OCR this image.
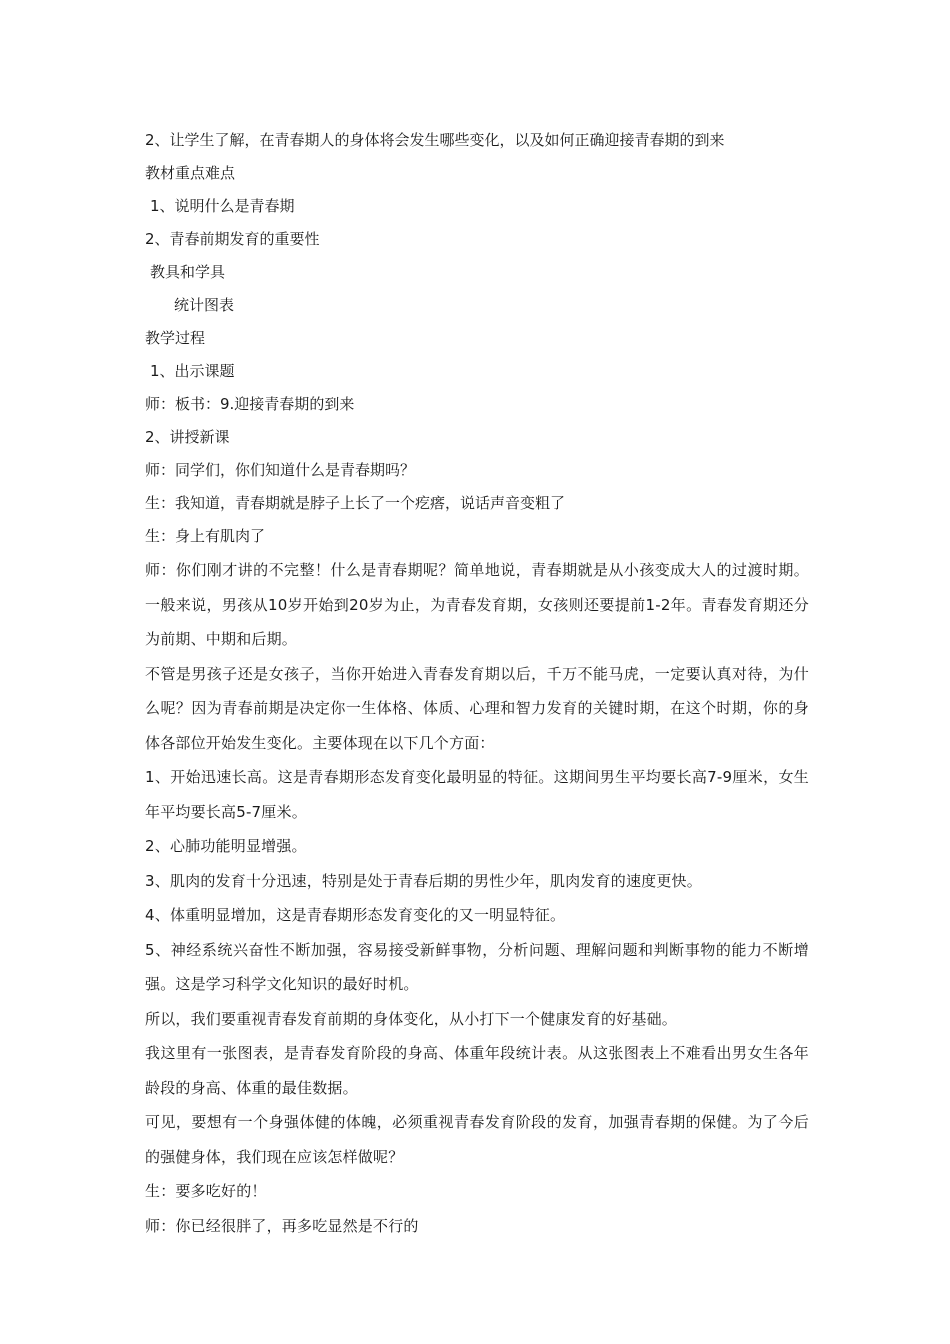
2、让学生了解，在青春期人的身体将会发生哪些变化，以及如何正确迎接青春期的到来
教材重点难点
1、说明什么是青春期
2、青春前期发育的重要性
教具和学具
统计图表
教学过程
1、出示课题
师：板书：9.迎接青春期的到来
2、讲授新课
师：同学们，你们知道什么是青春期吗？
生：我知道，青春期就是脖子上长了一个疙瘩，说话声音变粗了
生：身上有肌肉了
师：你们刚才讲的不完整！什么是青春期呢？简单地说，青春期就是从小孩变成大人的过渡时期。一般来说，男孩从10岁开始到20岁为止，为青春发育期，女孩则还要提前1-2年。青春发育期还分为前期、中期和后期。
不管是男孩子还是女孩子，当你开始进入青春发育期以后，千万不能马虎，一定要认真对待，为什么呢？因为青春前期是决定你一生体格、体质、心理和智力发育的关键时期，在这个时期，你的身体各部位开始发生变化。主要体现在以下几个方面：
1、开始迅速长高。这是青春期形态发育变化最明显的特征。这期间男生平均要长高7-9厘米，女生年平均要长高5-7厘米。
2、心肺功能明显增强。
3、肌肉的发育十分迅速，特别是处于青春后期的男性少年，肌肉发育的速度更快。
4、体重明显增加，这是青春期形态发育变化的又一明显特征。
5、神经系统兴奋性不断加强，容易接受新鲜事物，分析问题、理解问题和判断事物的能力不断增强。这是学习科学文化知识的最好时机。
所以，我们要重视青春发育前期的身体变化，从小打下一个健康发育的好基础。
我这里有一张图表，是青春发育阶段的身高、体重年段统计表。从这张图表上不难看出男女生各年龄段的身高、体重的最佳数据。
可见，要想有一个身强体健的体魄，必须重视青春发育阶段的发育，加强青春期的保健。为了今后的强健身体，我们现在应该怎样做呢？
生：要多吃好的！
师：你已经很胖了，再多吃显然是不行的
